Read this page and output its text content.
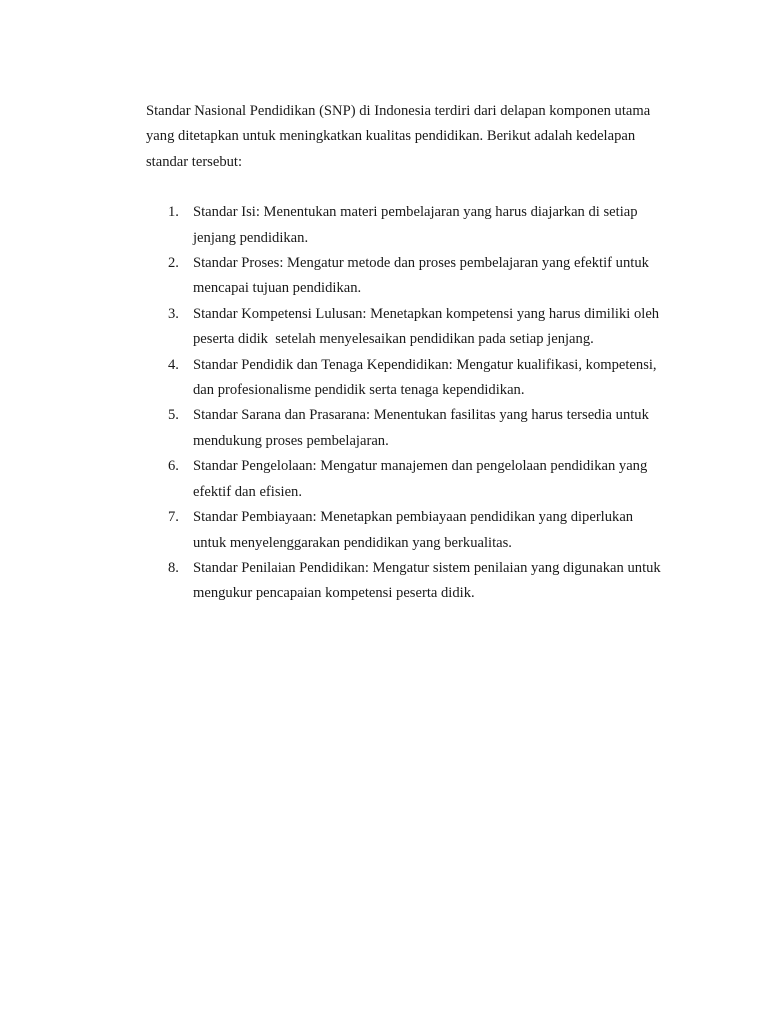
Standar Nasional Pendidikan (SNP) di Indonesia terdiri dari delapan komponen utama yang ditetapkan untuk meningkatkan kualitas pendidikan. Berikut adalah kedelapan standar tersebut:

1. Standar Isi: Menentukan materi pembelajaran yang harus diajarkan di setiap jenjang pendidikan.
2. Standar Proses: Mengatur metode dan proses pembelajaran yang efektif untuk mencapai tujuan pendidikan.
3. Standar Kompetensi Lulusan: Menetapkan kompetensi yang harus dimiliki oleh peserta didik  setelah menyelesaikan pendidikan pada setiap jenjang.
4. Standar Pendidik dan Tenaga Kependidikan: Mengatur kualifikasi, kompetensi, dan profesionalisme pendidik serta tenaga kependidikan.
5. Standar Sarana dan Prasarana: Menentukan fasilitas yang harus tersedia untuk mendukung proses pembelajaran.
6. Standar Pengelolaan: Mengatur manajemen dan pengelolaan pendidikan yang efektif dan efisien.
7. Standar Pembiayaan: Menetapkan pembiayaan pendidikan yang diperlukan untuk menyelenggarakan pendidikan yang berkualitas.
8. Standar Penilaian Pendidikan: Mengatur sistem penilaian yang digunakan untuk mengukur pencapaian kompetensi peserta didik.
